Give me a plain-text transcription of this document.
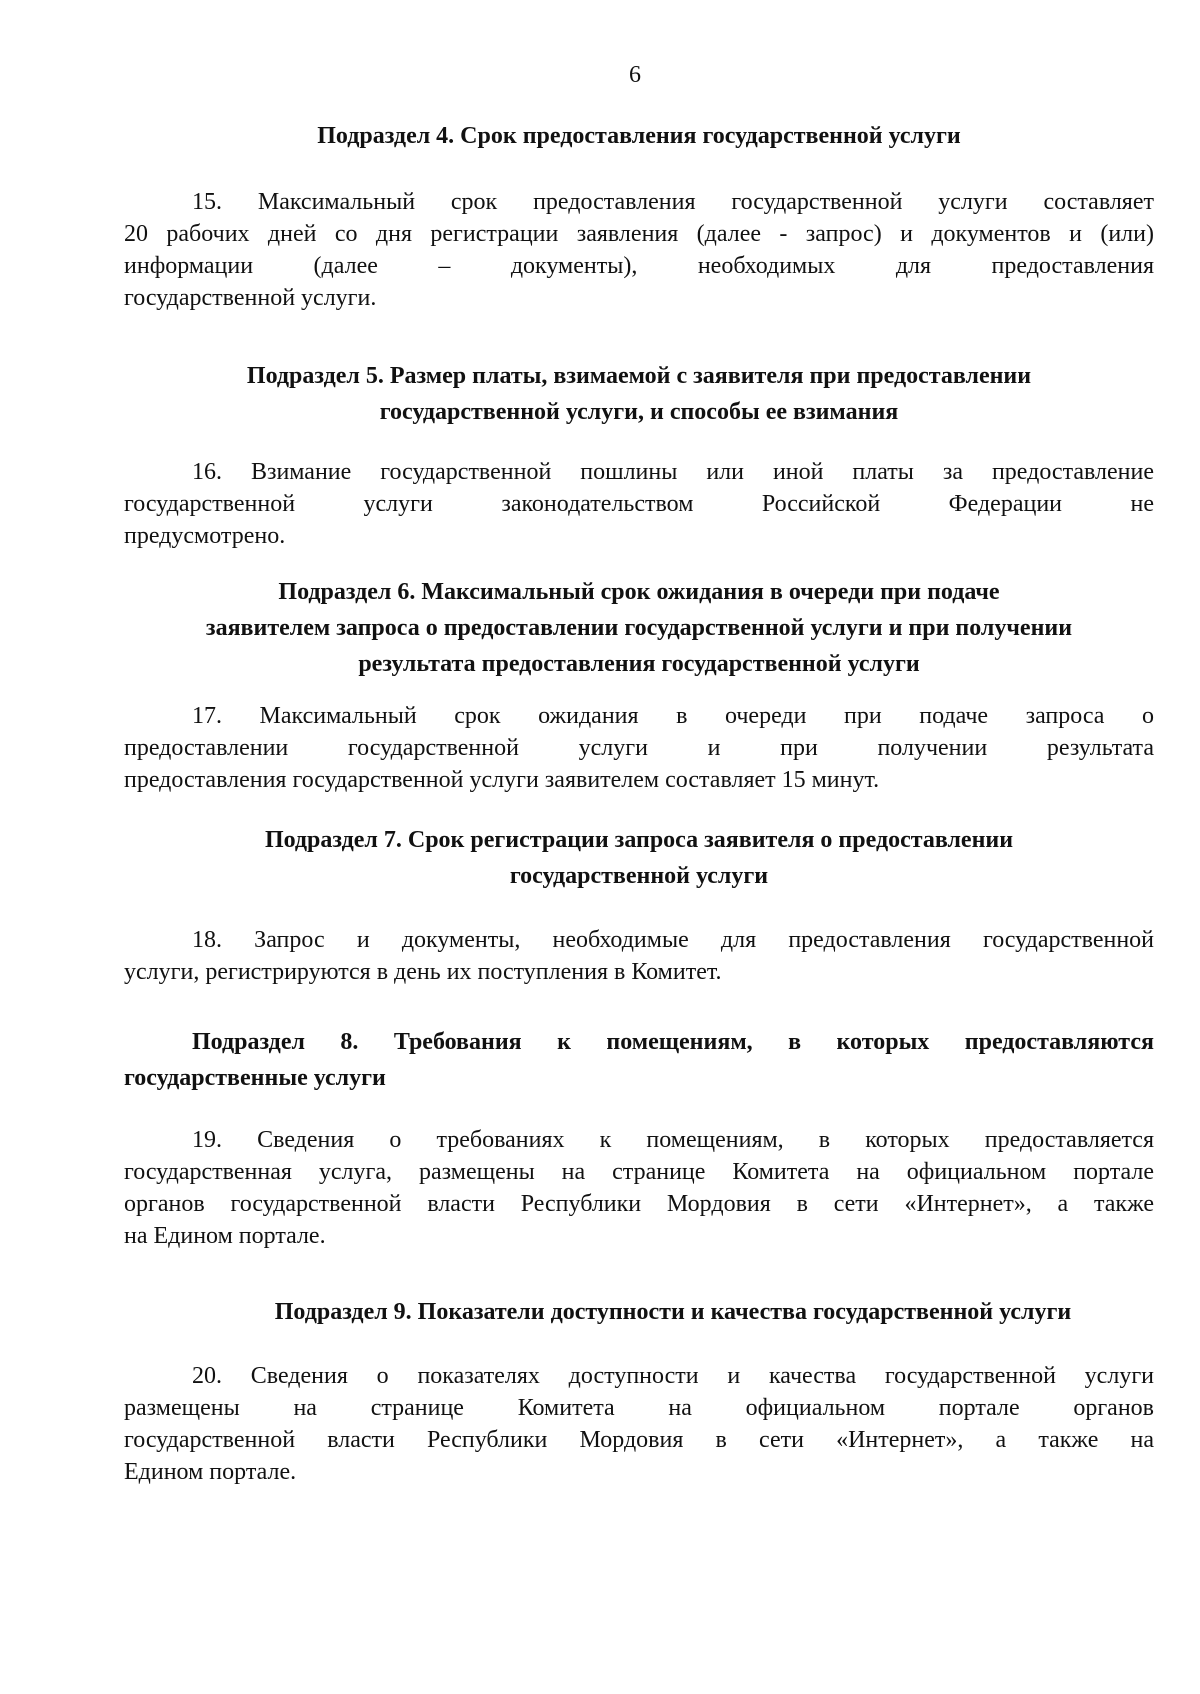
6
Подраздел 4. Срок предоставления государственной услуги
15. Максимальный срок предоставления государственной услуги составляет
20 рабочих дней со дня регистрации заявления (далее - запрос) и документов и (или)
информации (далее – документы), необходимых для предоставления
государственной услуги.
Подраздел 5. Размер платы, взимаемой с заявителя при предоставлении
государственной услуги, и способы ее взимания
16. Взимание государственной пошлины или иной платы за предоставление
государственной услуги законодательством Российской Федерации не
предусмотрено.
Подраздел 6. Максимальный срок ожидания в очереди при подаче
заявителем запроса о предоставлении государственной услуги и при получении
результата предоставления государственной услуги
17. Максимальный срок ожидания в очереди при подаче запроса о
предоставлении государственной услуги и при получении результата
предоставления государственной услуги заявителем составляет 15 минут.
Подраздел 7. Срок регистрации запроса заявителя о предоставлении
государственной услуги
18. Запрос и документы, необходимые для предоставления государственной
услуги, регистрируются в день их поступления в Комитет.
Подраздел 8. Требования к помещениям, в которых предоставляются
государственные услуги
19. Сведения о требованиях к помещениям, в которых предоставляется
государственная услуга, размещены на странице Комитета на официальном портале
органов государственной власти Республики Мордовия в сети «Интернет», а также
на Едином портале.
Подраздел 9. Показатели доступности и качества государственной услуги
20. Сведения о показателях доступности и качества государственной услуги
размещены на странице Комитета на официальном портале органов
государственной власти Республики Мордовия в сети «Интернет», а также на
Едином портале.
